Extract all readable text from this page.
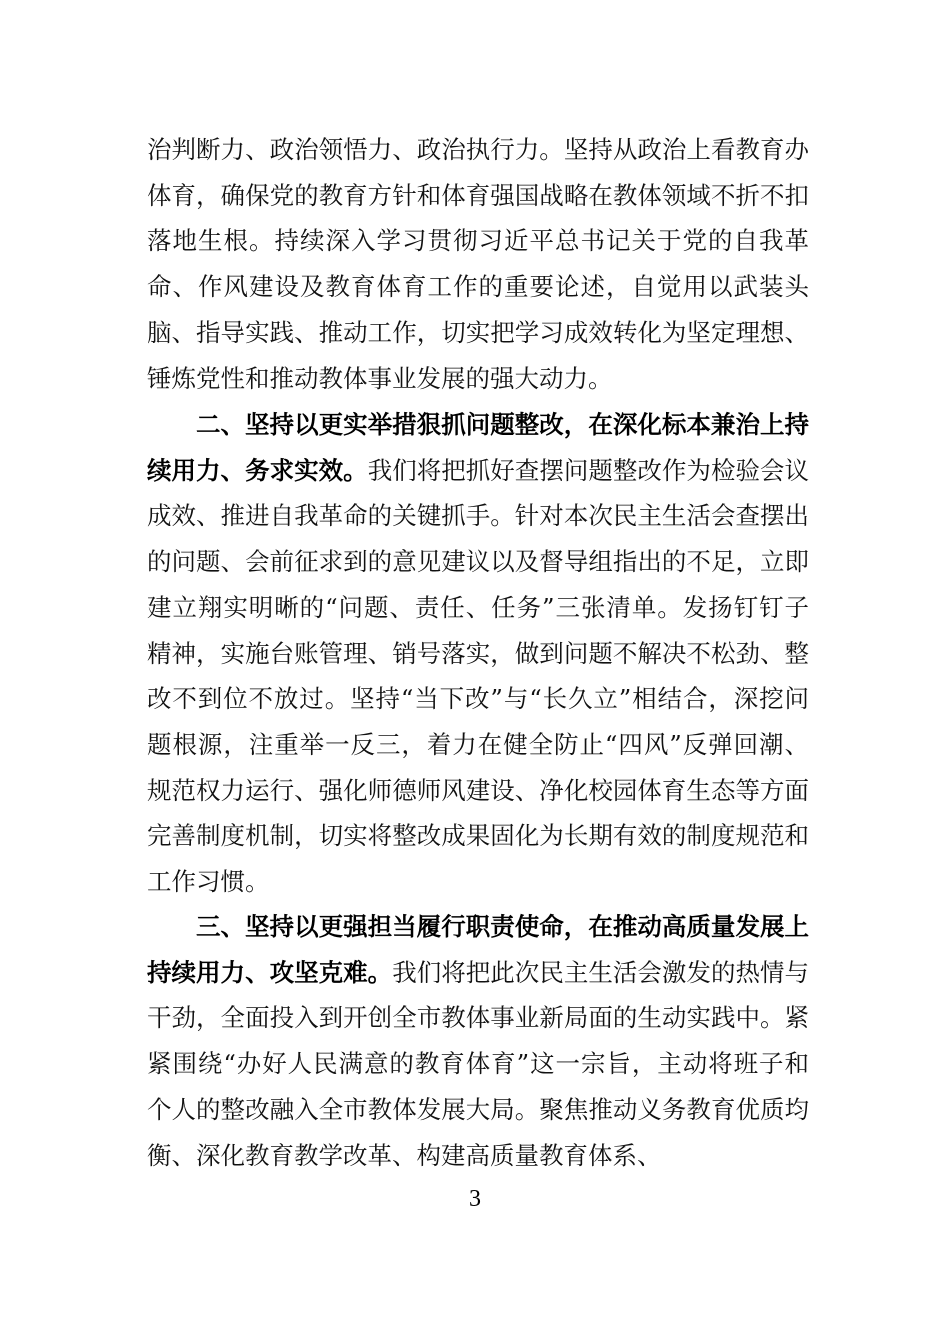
治判断力、政治领悟力、政治执行力。坚持从政治上看教育办体育，确保党的教育方针和体育强国战略在教体领域不折不扣落地生根。持续深入学习贯彻习近平总书记关于党的自我革命、作风建设及教育体育工作的重要论述，自觉用以武装头脑、指导实践、推动工作，切实把学习成效转化为坚定理想、锤炼党性和推动教体事业发展的强大动力。

二、坚持以更实举措狠抓问题整改，在深化标本兼治上持续用力、务求实效。我们将把抓好查摆问题整改作为检验会议成效、推进自我革命的关键抓手。针对本次民主生活会查摆出的问题、会前征求到的意见建议以及督导组指出的不足，立即建立翔实明晰的“问题、责任、任务”三张清单。发扬钉钉子精神，实施台账管理、销号落实，做到问题不解决不松劲、整改不到位不放过。坚持“当下改”与“长久立”相结合，深挖问题根源，注重举一反三，着力在健全防止“四风”反弹回潮、规范权力运行、强化师德师风建设、净化校园体育生态等方面完善制度机制，切实将整改成果固化为长期有效的制度规范和工作习惯。

三、坚持以更强担当履行职责使命，在推动高质量发展上持续用力、攻坚克难。我们将把此次民主生活会激发的热情与干劲，全面投入到开创全市教体事业新局面的生动实践中。紧紧围绕“办好人民满意的教育体育”这一宗旨，主动将班子和个人的整改融入全市教体发展大局。聚焦推动义务教育优质均衡、深化教育教学改革、构建高质量教育体系、

3
